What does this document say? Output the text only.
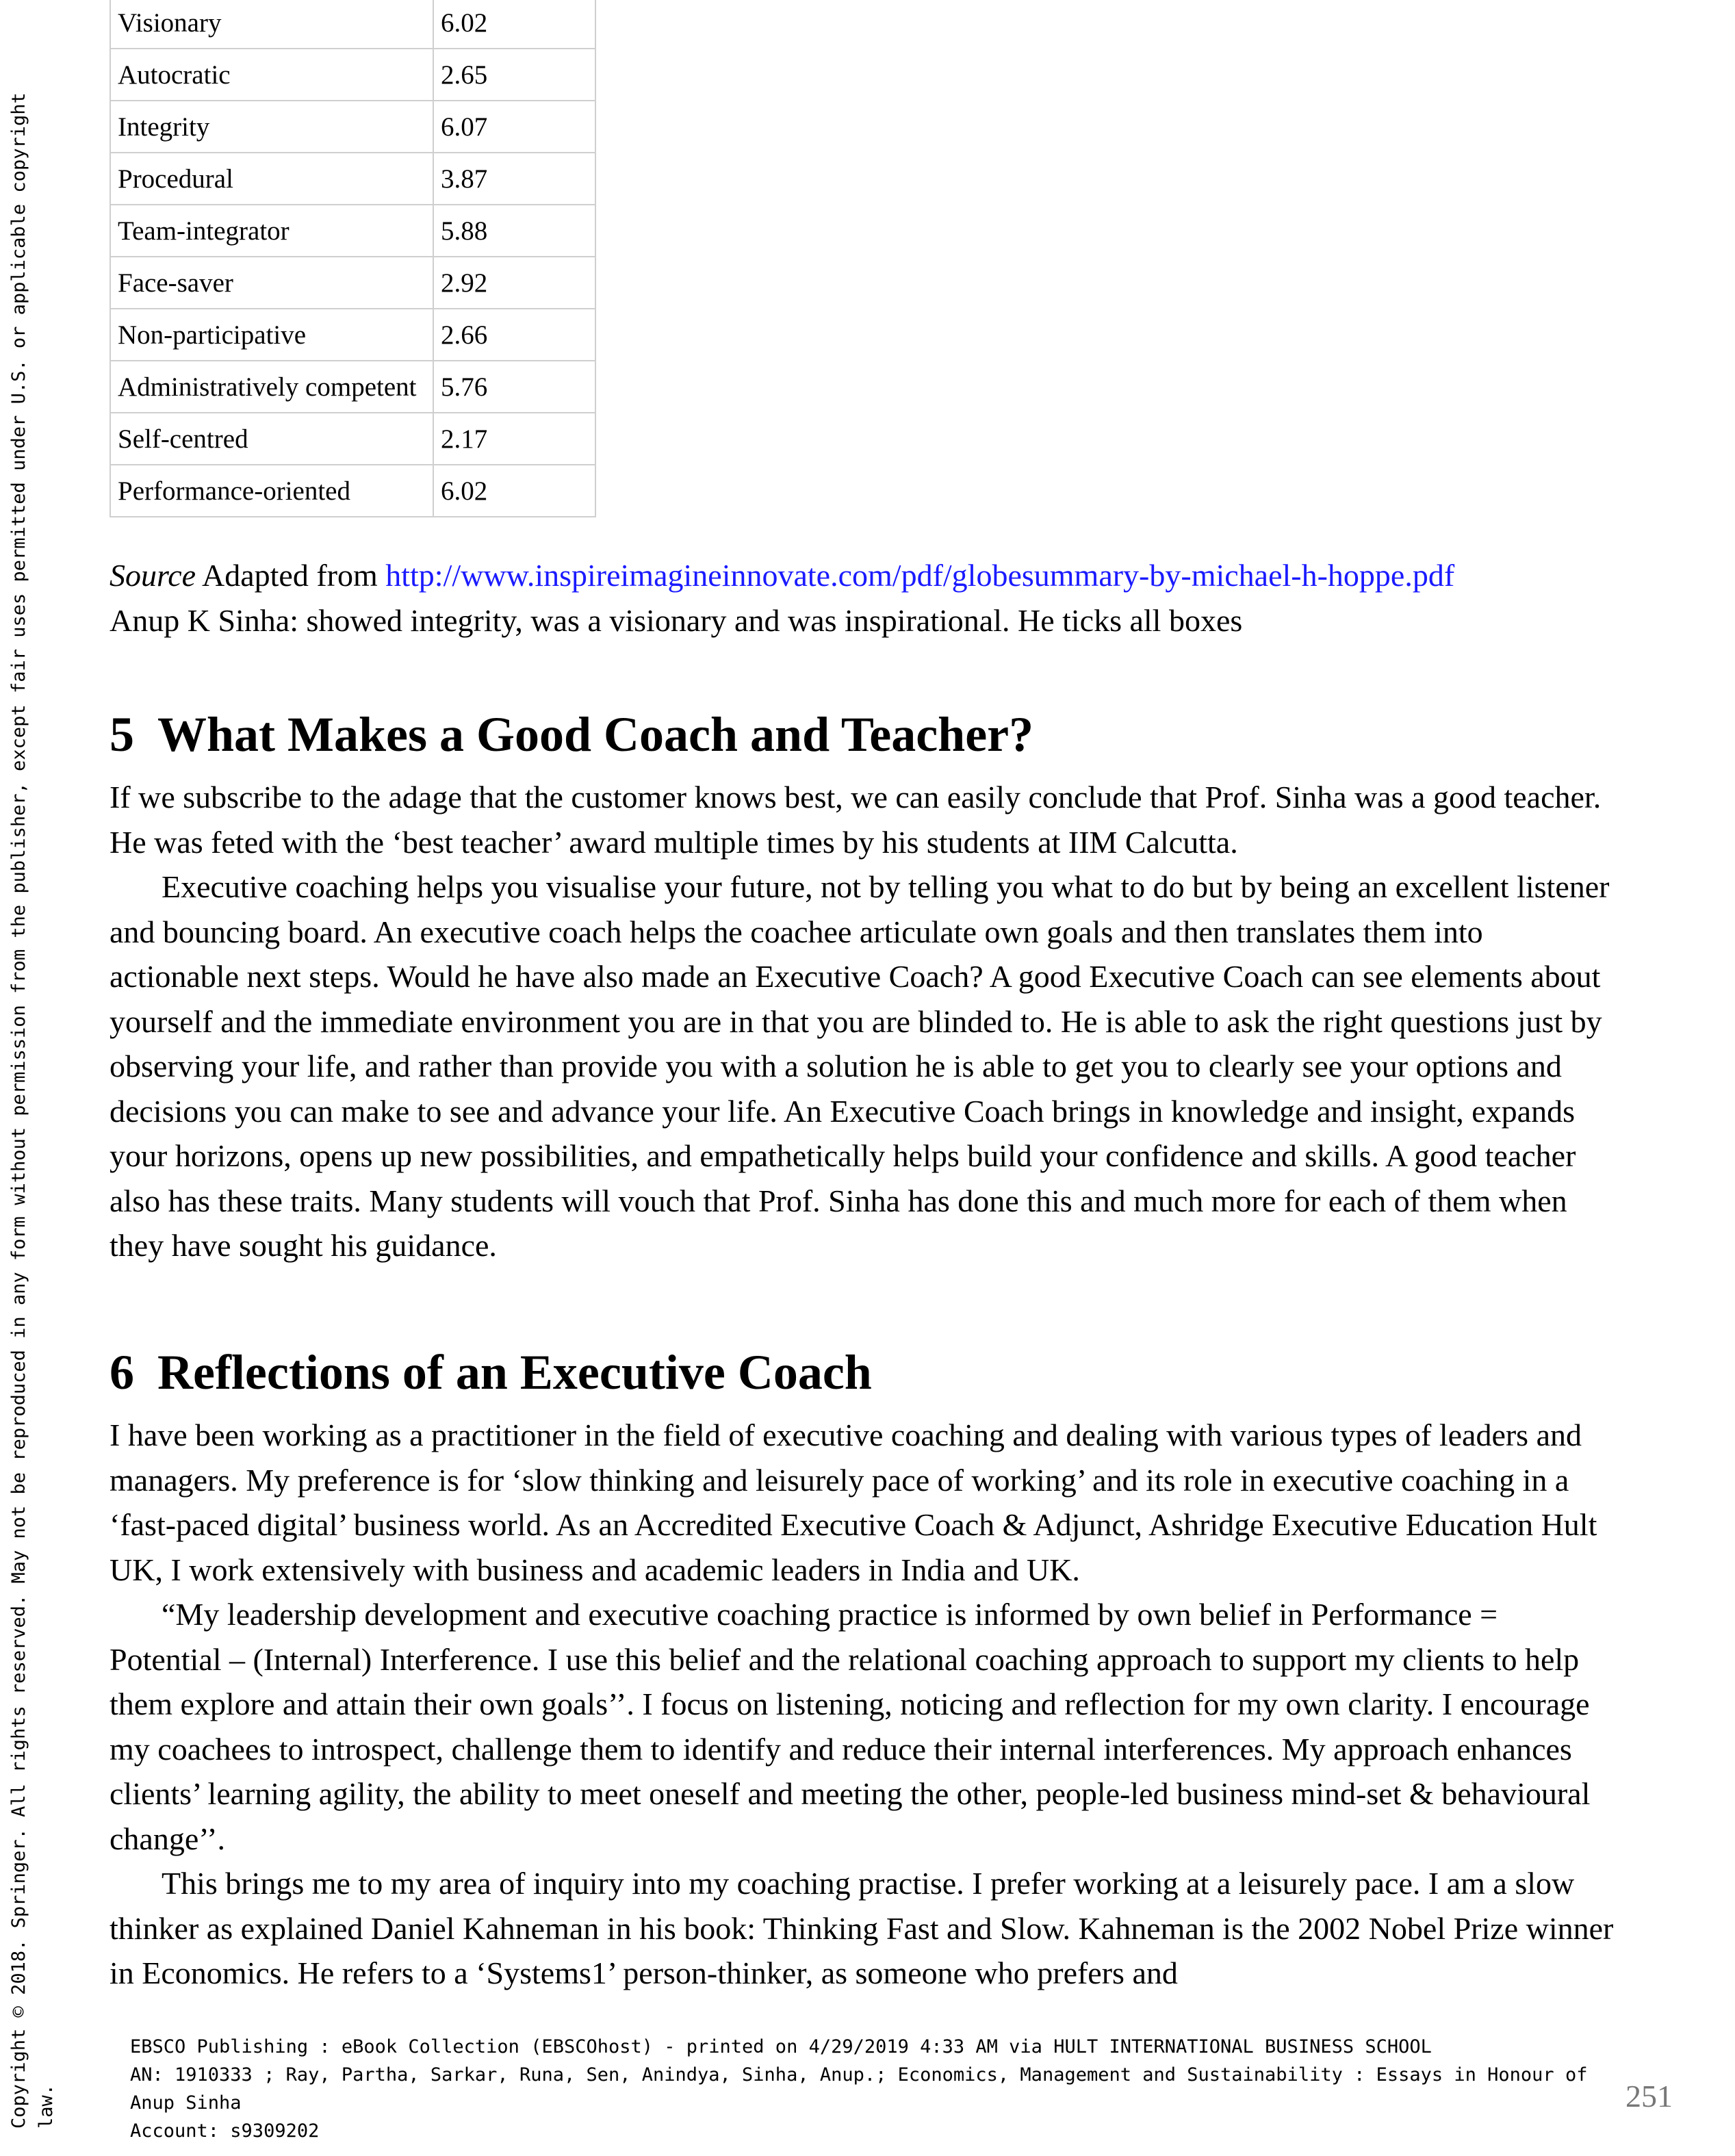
Copyright © 2018. Springer. All rights reserved. May not be reproduced in any form without permission from the publisher, except fair uses permitted under U.S. or applicable copyright law.
Visionary	6.02
Autocratic	2.65
Integrity	6.07
Procedural	3.87
Team-integrator	5.88
Face-saver	2.92
Non-participative	2.66
Administratively competent	5.76
Self-centred	2.17
Performance-oriented	6.02
Source Adapted from http://www.inspireimagineinnovate.com/pdf/globesummary-by-michael-h-hoppe.pdf
Anup K Sinha: showed integrity, was a visionary and was inspirational. He ticks all boxes
5 What Makes a Good Coach and Teacher?

If we subscribe to the adage that the customer knows best, we can easily conclude that Prof. Sinha was a good teacher. He was feted with the ‘best teacher’ award multiple times by his students at IIM Calcutta.

Executive coaching helps you visualise your future, not by telling you what to do but by being an excellent listener and bouncing board. An executive coach helps the coachee articulate own goals and then translates them into actionable next steps. Would he have also made an Executive Coach? A good Executive Coach can see elements about yourself and the immediate environment you are in that you are blinded to. He is able to ask the right questions just by observing your life, and rather than provide you with a solution he is able to get you to clearly see your options and decisions you can make to see and advance your life. An Executive Coach brings in knowledge and insight, expands your horizons, opens up new possibilities, and empathetically helps build your confidence and skills. A good teacher also has these traits. Many students will vouch that Prof. Sinha has done this and much more for each of them when they have sought his guidance.

6 Reflections of an Executive Coach

I have been working as a practitioner in the field of executive coaching and dealing with various types of leaders and managers. My preference is for ‘slow thinking and leisurely pace of working’ and its role in executive coaching in a ‘fast-paced digital’ business world. As an Accredited Executive Coach & Adjunct, Ashridge Executive Education Hult UK, I work extensively with business and academic leaders in India and UK.

“My leadership development and executive coaching practice is informed by own belief in Performance = Potential – (Internal) Interference. I use this belief and the relational coaching approach to support my clients to help them explore and attain their own goals’’. I focus on listening, noticing and reflection for my own clarity. I encourage my coachees to introspect, challenge them to identify and reduce their internal interferences. My approach enhances clients’ learning agility, the ability to meet oneself and meeting the other, people-led business mind-set & behavioural change’’.

This brings me to my area of inquiry into my coaching practise. I prefer working at a leisurely pace. I am a slow thinker as explained Daniel Kahneman in his book: Thinking Fast and Slow. Kahneman is the 2002 Nobel Prize winner in Economics. He refers to a ‘Systems1’ person-thinker, as someone who prefers and

EBSCO Publishing : eBook Collection (EBSCOhost) - printed on 4/29/2019 4:33 AM via HULT INTERNATIONAL BUSINESS SCHOOL
AN: 1910333 ; Ray, Partha, Sarkar, Runa, Sen, Anindya, Sinha, Anup.; Economics, Management and Sustainability : Essays in Honour of Anup Sinha
Account: s9309202
251
